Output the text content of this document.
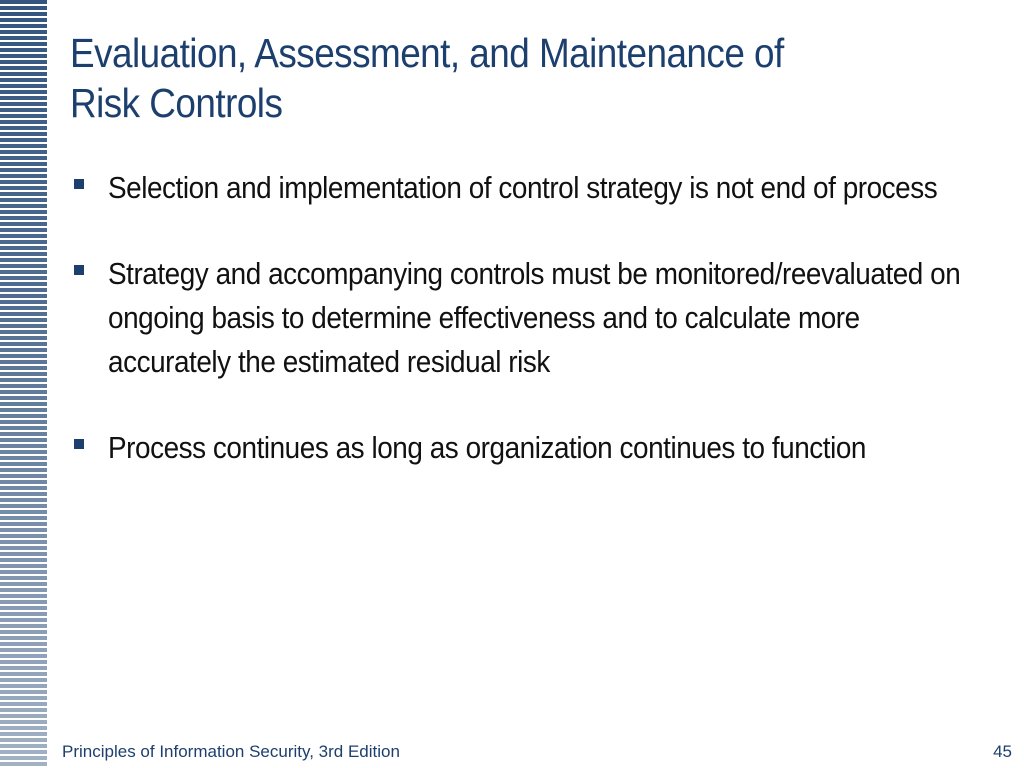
Evaluation, Assessment, and Maintenance of
Risk Controls
Selection and implementation of control strategy is not end of process
Strategy and accompanying controls must be monitored/reevaluated on ongoing basis to determine effectiveness and to calculate more accurately the estimated residual risk
Process continues as long as organization continues to function
Principles of Information Security, 3rd Edition	45
